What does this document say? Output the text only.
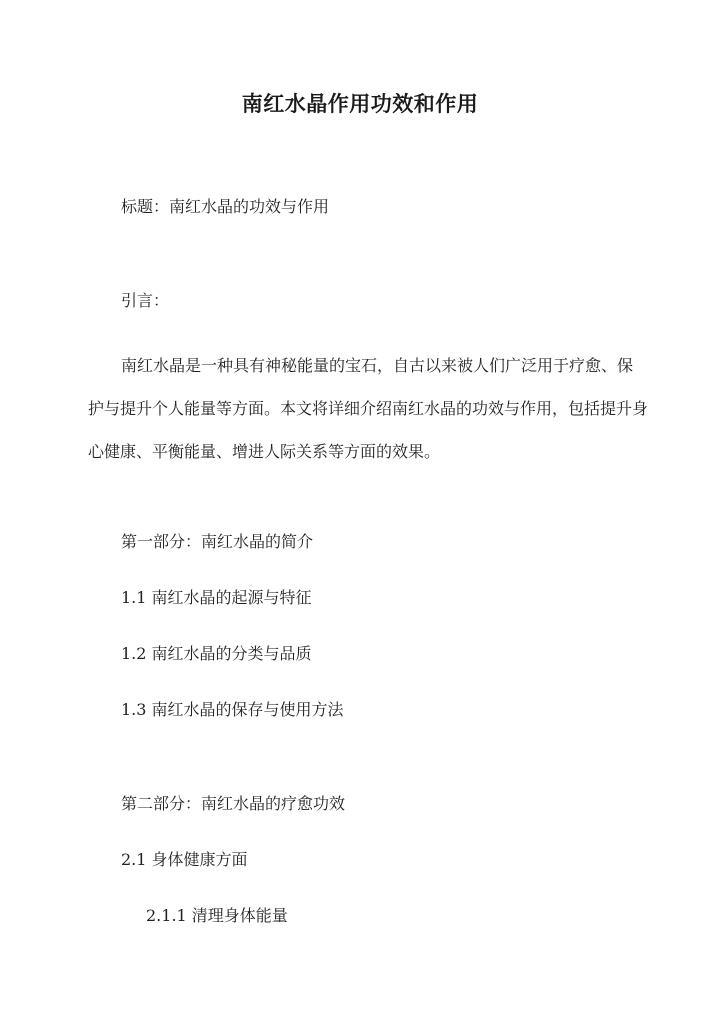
南红水晶作用功效和作用
标题：南红水晶的功效与作用
引言：
南红水晶是一种具有神秘能量的宝石，自古以来被人们广泛用于疗愈、保护与提升个人能量等方面。本文将详细介绍南红水晶的功效与作用，包括提升身心健康、平衡能量、增进人际关系等方面的效果。
第一部分：南红水晶的简介
1.1 南红水晶的起源与特征
1.2 南红水晶的分类与品质
1.3 南红水晶的保存与使用方法
第二部分：南红水晶的疗愈功效
2.1 身体健康方面
2.1.1 清理身体能量
